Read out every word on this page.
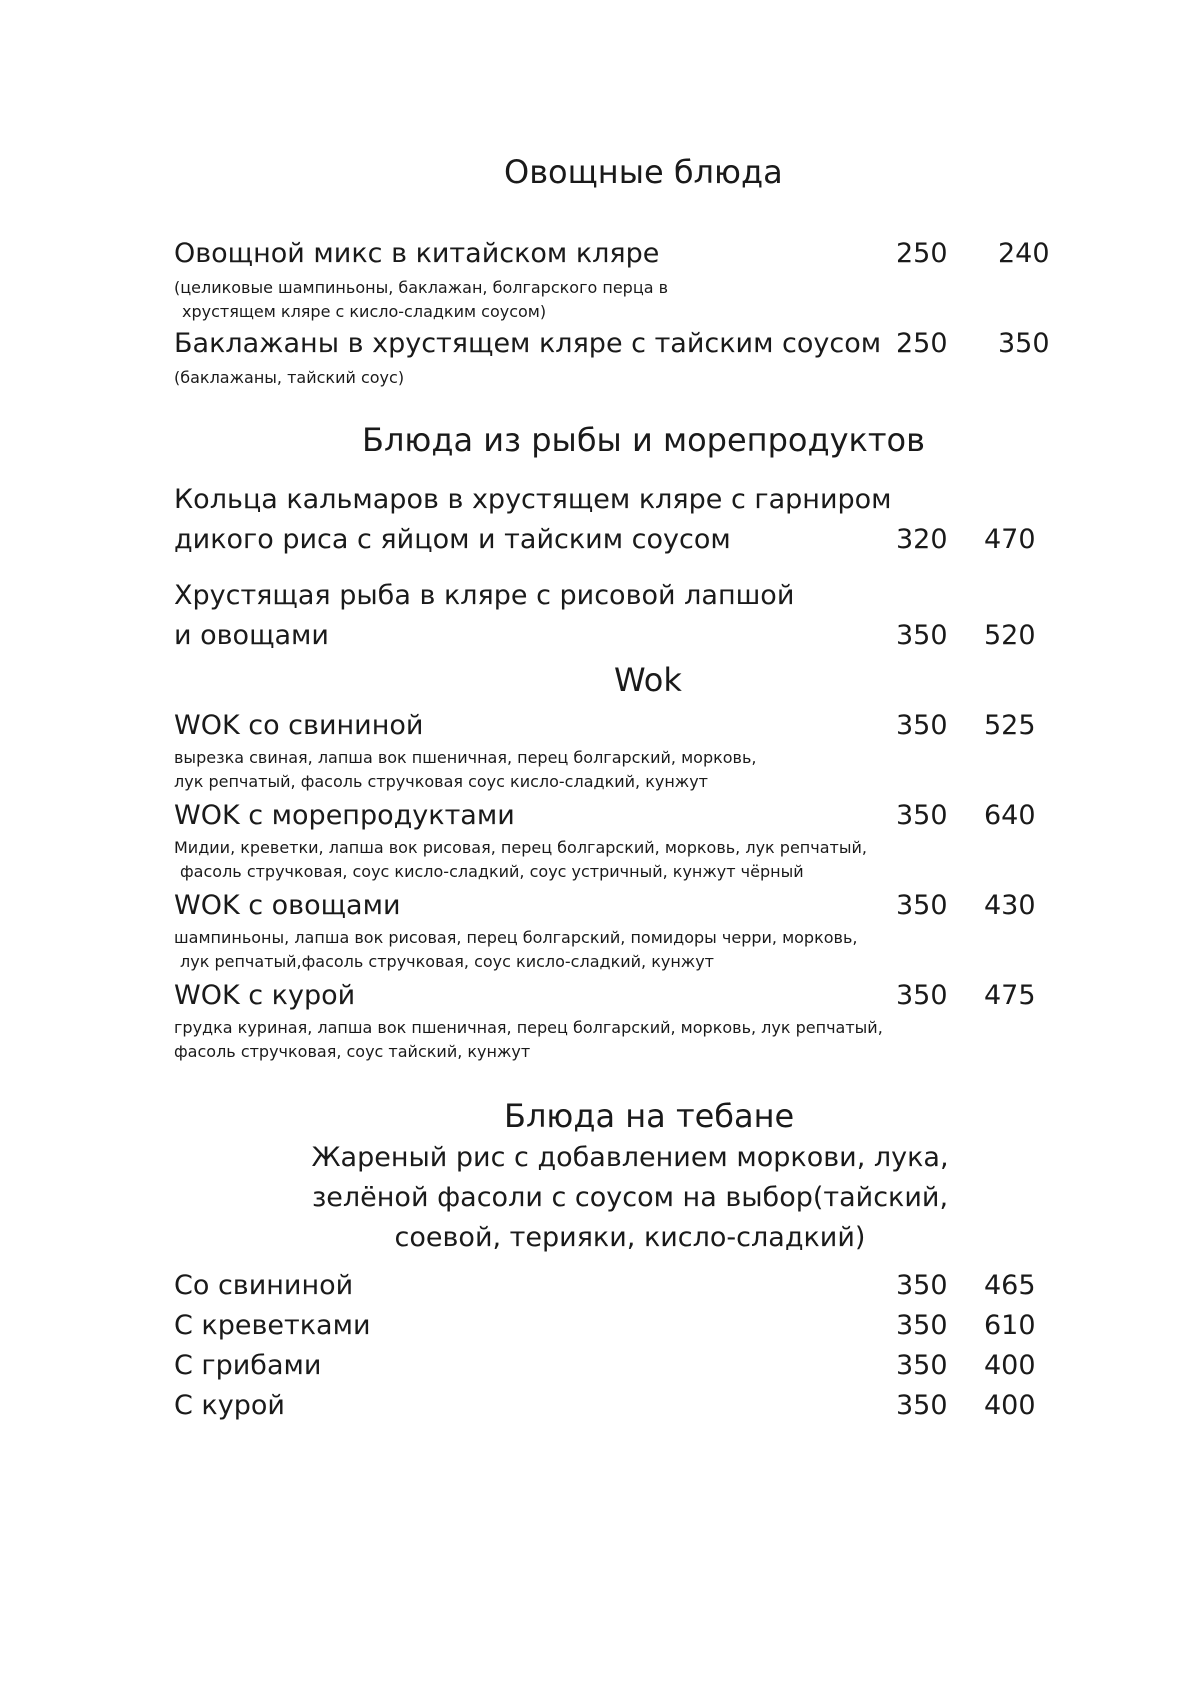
Овощные блюда
Овощной микс в китайском кляре	250 240
(целиковые шампиньоны, баклажан, болгарского перца в
хрустящем кляре с кисло-сладким соусом)
Баклажаны в хрустящем кляре с тайским соусом 250 350
(баклажаны, тайский соус)
Блюда из рыбы и морепродуктов
Кольца кальмаров в хрустящем кляре с гарниром
дикого риса с яйцом и тайским соусом	320 470
Хрустящая рыба в кляре с рисовой лапшой
и овощами	350 520
Wok
WOK со свининой	350 525
вырезка свиная, лапша вок пшеничная, перец болгарский, морковь,
лук репчатый, фасоль стручковая соус кисло-сладкий, кунжут
WOK с морепродуктами	350 640
Мидии, креветки, лапша вок рисовая, перец болгарский, морковь, лук репчатый,
фасоль стручковая, соус кисло-сладкий, соус устричный, кунжут чёрный
WOK с овощами	350 430
шампиньоны, лапша вок рисовая, перец болгарский, помидоры черри, морковь,
лук репчатый,фасоль стручковая, соус кисло-сладкий, кунжут
WOK с курой	350 475
грудка куриная, лапша вок пшеничная, перец болгарский, морковь, лук репчатый,
фасоль стручковая, соус тайский, кунжут
Блюда на тебане
Жареный рис с добавлением моркови, лука,
зелёной фасоли с соусом на выбор(тайский,
соевой, терияки, кисло-сладкий)
Со свининой	350 465
С креветками	350 610
С грибами	350 400
С курой	350 400
